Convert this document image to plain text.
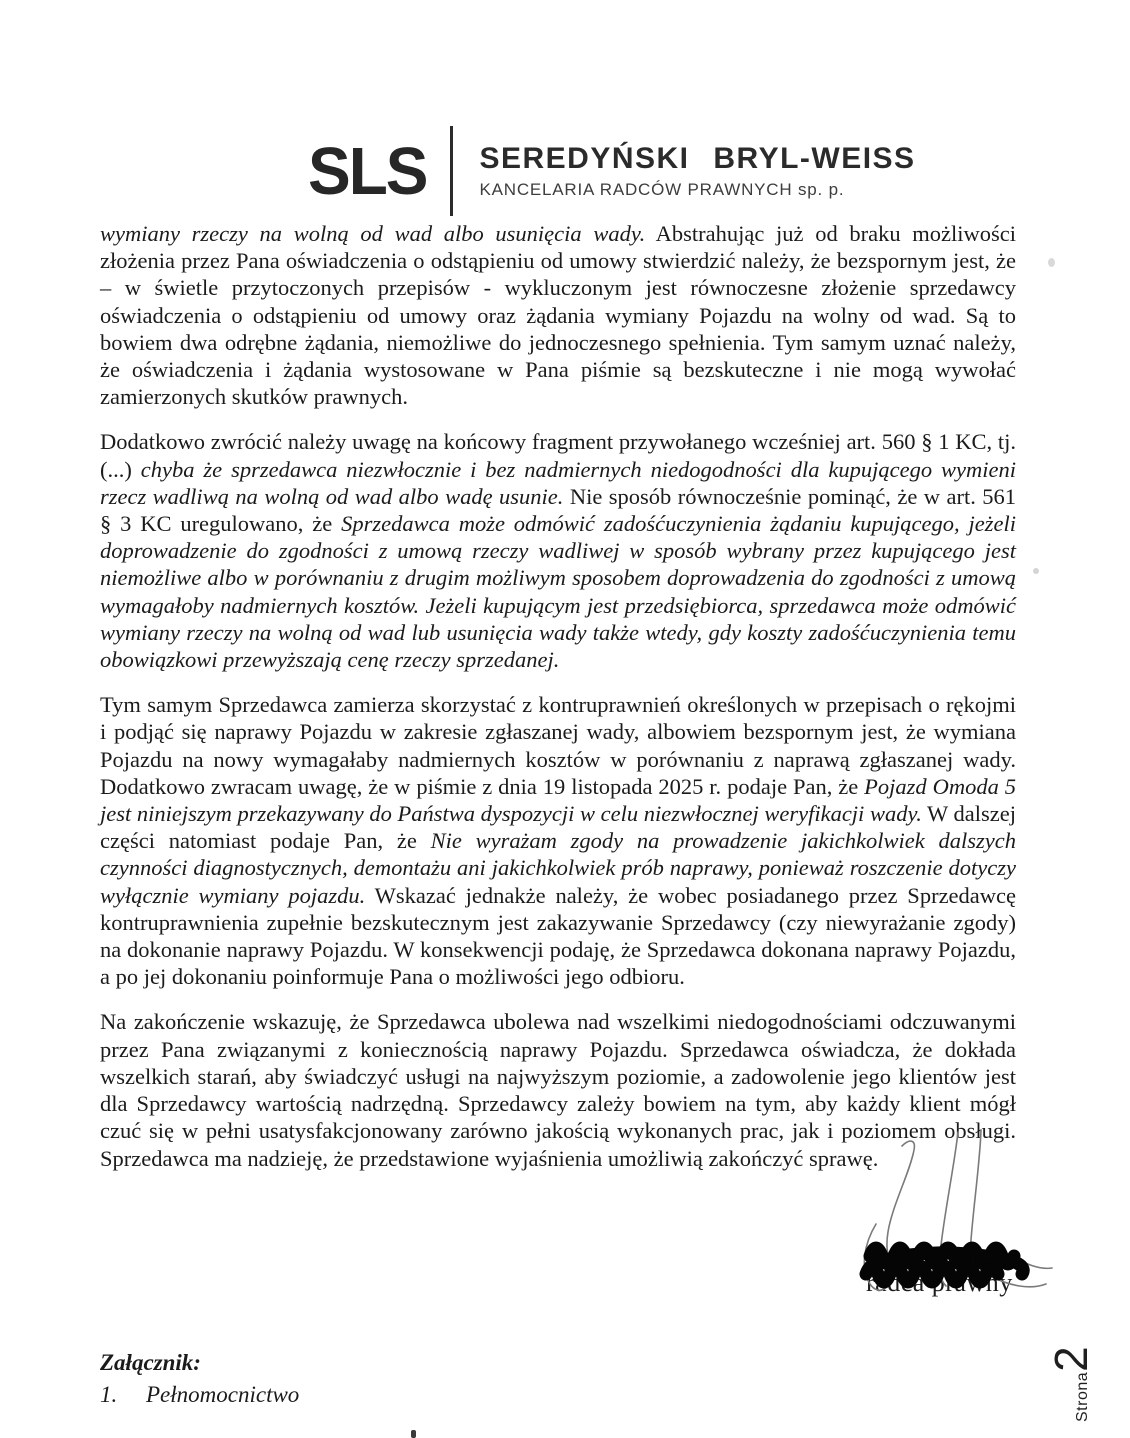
SLS SEREDYŃSKI BRYL-WEISS
KANCELARIA RADCÓW PRAWNYCH sp. p.

wymiany rzeczy na wolną od wad albo usunięcia wady. Abstrahując już od braku możliwości złożenia przez Pana oświadczenia o odstąpieniu od umowy stwierdzić należy, że bezspornym jest, że – w świetle przytoczonych przepisów - wykluczonym jest równoczesne złożenie sprzedawcy oświadczenia o odstąpieniu od umowy oraz żądania wymiany Pojazdu na wolny od wad. Są to bowiem dwa odrębne żądania, niemożliwe do jednoczesnego spełnienia. Tym samym uznać należy, że oświadczenia i żądania wystosowane w Pana piśmie są bezskuteczne i nie mogą wywołać zamierzonych skutków prawnych.

Dodatkowo zwrócić należy uwagę na końcowy fragment przywołanego wcześniej art. 560 § 1 KC, tj. (...) chyba że sprzedawca niezwłocznie i bez nadmiernych niedogodności dla kupującego wymieni rzecz wadliwą na wolną od wad albo wadę usunie. Nie sposób równocześnie pominąć, że w art. 561 § 3 KC uregulowano, że Sprzedawca może odmówić zadośćuczynienia żądaniu kupującego, jeżeli doprowadzenie do zgodności z umową rzeczy wadliwej w sposób wybrany przez kupującego jest niemożliwe albo w porównaniu z drugim możliwym sposobem doprowadzenia do zgodności z umową wymagałoby nadmiernych kosztów. Jeżeli kupującym jest przedsiębiorca, sprzedawca może odmówić wymiany rzeczy na wolną od wad lub usunięcia wady także wtedy, gdy koszty zadośćuczynienia temu obowiązkowi przewyższają cenę rzeczy sprzedanej.

Tym samym Sprzedawca zamierza skorzystać z kontruprawnień określonych w przepisach o rękojmi i podjąć się naprawy Pojazdu w zakresie zgłaszanej wady, albowiem bezspornym jest, że wymiana Pojazdu na nowy wymagałaby nadmiernych kosztów w porównaniu z naprawą zgłaszanej wady. Dodatkowo zwracam uwagę, że w piśmie z dnia 19 listopada 2025 r. podaje Pan, że Pojazd Omoda 5 jest niniejszym przekazywany do Państwa dyspozycji w celu niezwłocznej weryfikacji wady. W dalszej części natomiast podaje Pan, że Nie wyrażam zgody na prowadzenie jakichkolwiek dalszych czynności diagnostycznych, demontażu ani jakichkolwiek prób naprawy, ponieważ roszczenie dotyczy wyłącznie wymiany pojazdu. Wskazać jednakże należy, że wobec posiadanego przez Sprzedawcę kontruprawnienia zupełnie bezskutecznym jest zakazywanie Sprzedawcy (czy niewyrażanie zgody) na dokonanie naprawy Pojazdu. W konsekwencji podaję, że Sprzedawca dokonana naprawy Pojazdu, a po jej dokonaniu poinformuje Pana o możliwości jego odbioru.

Na zakończenie wskazuję, że Sprzedawca ubolewa nad wszelkimi niedogodnościami odczuwanymi przez Pana związanymi z koniecznością naprawy Pojazdu. Sprzedawca oświadcza, że dokłada wszelkich starań, aby świadczyć usługi na najwyższym poziomie, a zadowolenie jego klientów jest dla Sprzedawcy wartością nadrzędną. Sprzedawcy zależy bowiem na tym, aby każdy klient mógł czuć się w pełni usatysfakcjonowany zarówno jakością wykonanych prac, jak i poziomem obsługi. Sprzedawca ma nadzieję, że przedstawione wyjaśnienia umożliwią zakończyć sprawę.

radca prawny
Załącznik:
1.	Pełnomocnictwo	Strona
2
